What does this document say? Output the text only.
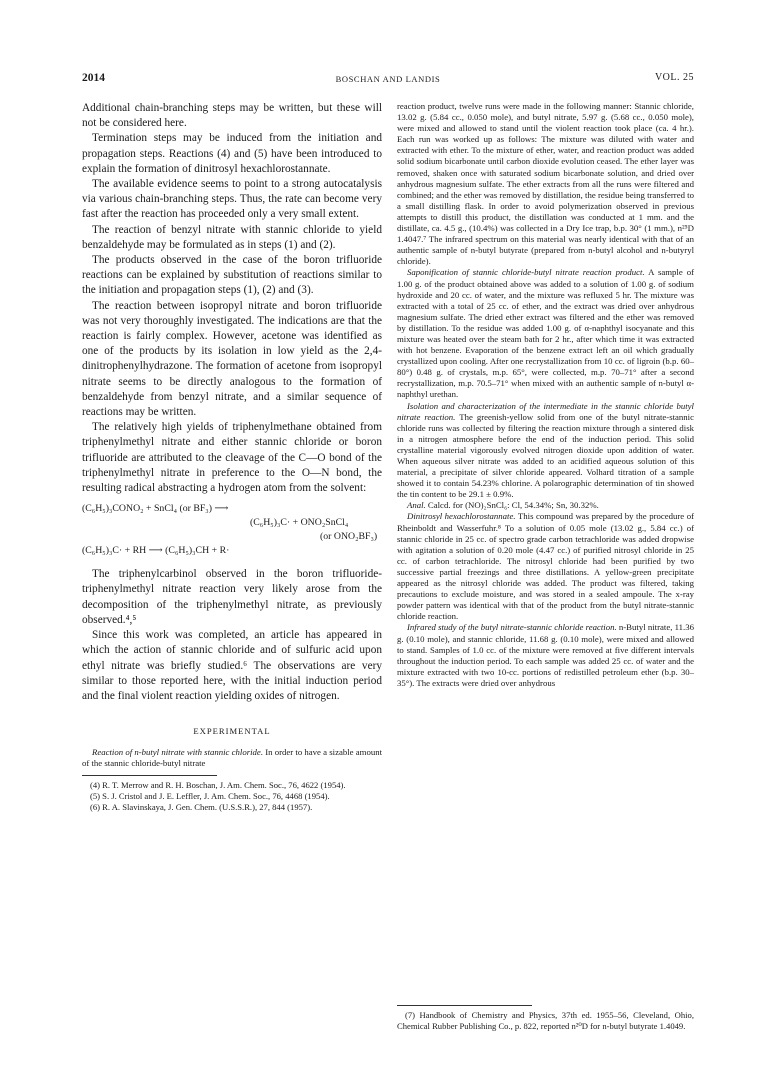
2014	BOSCHAN AND LANDIS	VOL. 25

Additional chain-branching steps may be written, but these will not be considered here.

Termination steps may be induced from the initiation and propagation steps. Reactions (4) and (5) have been introduced to explain the formation of dinitrosyl hexachlorostannate.

The available evidence seems to point to a strong autocatalysis via various chain-branching steps. Thus, the rate can become very fast after the reaction has proceeded only a very small extent.

The reaction of benzyl nitrate with stannic chloride to yield benzaldehyde may be formulated as in steps (1) and (2).

The products observed in the case of the boron trifluoride reactions can be explained by substitution of reactions similar to the initiation and propagation steps (1), (2) and (3).

The reaction between isopropyl nitrate and boron trifluoride was not very thoroughly investigated. The indications are that the reaction is fairly complex. However, acetone was identified as one of the products by its isolation in low yield as the 2,4-dinitrophenylhydrazone. The formation of acetone from isopropyl nitrate seems to be directly analogous to the formation of benzaldehyde from benzyl nitrate, and a similar sequence of reactions may be written.

The relatively high yields of triphenylmethane obtained from triphenylmethyl nitrate and either stannic chloride or boron trifluoride are attributed to the cleavage of the C—O bond of the triphenylmethyl nitrate in preference to the O—N bond, the resulting radical abstracting a hydrogen atom from the solvent:

(C₆H₅)₃CONO₂ + SnCl₄ (or BF₃) ⟶
(C₆H₅)₃C· + ONO₂SnCl₄
(or ONO₂BF₃)
(C₆H₅)₃C· + RH ⟶ (C₆H₅)₃CH + R·

The triphenylcarbinol observed in the boron trifluoride-triphenylmethyl nitrate reaction very likely arose from the decomposition of the triphenylmethyl nitrate, as previously observed.⁴,⁵

Since this work was completed, an article has appeared in which the action of stannic chloride and of sulfuric acid upon ethyl nitrate was briefly studied.⁶ The observations are very similar to those reported here, with the initial induction period and the final violent reaction yielding oxides of nitrogen.

EXPERIMENTAL

Reaction of n-butyl nitrate with stannic chloride. In order to have a sizable amount of the stannic chloride-butyl nitrate

(4) R. T. Merrow and R. H. Boschan, J. Am. Chem. Soc., 76, 4622 (1954).

(5) S. J. Cristol and J. E. Leffler, J. Am. Chem. Soc., 76, 4468 (1954).

(6) R. A. Slavinskaya, J. Gen. Chem. (U.S.S.R.), 27, 844 (1957).

reaction product, twelve runs were made in the following manner: Stannic chloride, 13.02 g. (5.84 cc., 0.050 mole), and butyl nitrate, 5.97 g. (5.68 cc., 0.050 mole), were mixed and allowed to stand until the violent reaction took place (ca. 4 hr.). Each run was worked up as follows: The mixture was diluted with water and extracted with ether. To the mixture of ether, water, and reaction product was added solid sodium bicarbonate until carbon dioxide evolution ceased. The ether layer was removed, shaken once with saturated sodium bicarbonate solution, and dried over anhydrous magnesium sulfate. The ether extracts from all the runs were filtered and combined; and the ether was removed by distillation, the residue being transferred to a small distilling flask. In order to avoid polymerization observed in previous attempts to distill this product, the distillation was conducted at 1 mm. and the distillate, ca. 4.5 g., (10.4%) was collected in a Dry Ice trap, b.p. 30° (1 mm.), n²⁵D 1.4047.⁷ The infrared spectrum on this material was nearly identical with that of an authentic sample of n-butyl butyrate (prepared from n-butyl alcohol and n-butyryl chloride).

Saponification of stannic chloride-butyl nitrate reaction product. A sample of 1.00 g. of the product obtained above was added to a solution of 1.00 g. of sodium hydroxide and 20 cc. of water, and the mixture was refluxed 5 hr. The mixture was extracted with a total of 25 cc. of ether, and the extract was dried over anhydrous magnesium sulfate. The dried ether extract was filtered and the ether was removed by distillation. To the residue was added 1.00 g. of α-naphthyl isocyanate and this mixture was heated over the steam bath for 2 hr., after which time it was extracted with hot benzene. Evaporation of the benzene extract left an oil which gradually crystallized upon cooling. After one recrystallization from 10 cc. of ligroin (b.p. 60–80°) 0.48 g. of crystals, m.p. 65°, were collected, m.p. 70–71° after a second recrystallization, m.p. 70.5–71° when mixed with an authentic sample of n-butyl α-naphthyl urethan.

Isolation and characterization of the intermediate in the stannic chloride butyl nitrate reaction. The greenish-yellow solid from one of the butyl nitrate-stannic chloride runs was collected by filtering the reaction mixture through a sintered disk in a nitrogen atmosphere before the end of the induction period. This solid crystalline material vigorously evolved nitrogen dioxide upon addition of water. When aqueous silver nitrate was added to an acidified aqueous solution of this material, a precipitate of silver chloride appeared. Volhard titration of a sample showed it to contain 54.23% chlorine. A polarographic determination of tin showed the tin content to be 29.1 ± 0.9%.

Anal. Calcd. for (NO)₂SnCl₆: Cl, 54.34%; Sn, 30.32%.

Dinitrosyl hexachlorostannate. This compound was prepared by the procedure of Rheinboldt and Wasserfuhr.⁸ To a solution of 0.05 mole (13.02 g., 5.84 cc.) of stannic chloride in 25 cc. of spectro grade carbon tetrachloride was added dropwise with agitation a solution of 0.20 mole (4.47 cc.) of purified nitrosyl chloride in 25 cc. of carbon tetrachloride. The nitrosyl chloride had been purified by two successive partial freezings and three distillations. A yellow-green precipitate appeared as the nitrosyl chloride was added. The product was filtered, taking precautions to exclude moisture, and was stored in a sealed ampoule. The x-ray powder pattern was identical with that of the product from the butyl nitrate-stannic chloride reaction.

Infrared study of the butyl nitrate-stannic chloride reaction. n-Butyl nitrate, 11.36 g. (0.10 mole), and stannic chloride, 11.68 g. (0.10 mole), were mixed and allowed to stand. Samples of 1.0 cc. of the mixture were removed at five different intervals throughout the induction period. To each sample was added 25 cc. of water and the mixture extracted with two 10-cc. portions of redistilled petroleum ether (b.p. 30–35°). The extracts were dried over anhydrous

(7) Handbook of Chemistry and Physics, 37th ed. 1955–56, Cleveland, Ohio, Chemical Rubber Publishing Co., p. 822, reported n²⁰D for n-butyl butyrate 1.4049.
